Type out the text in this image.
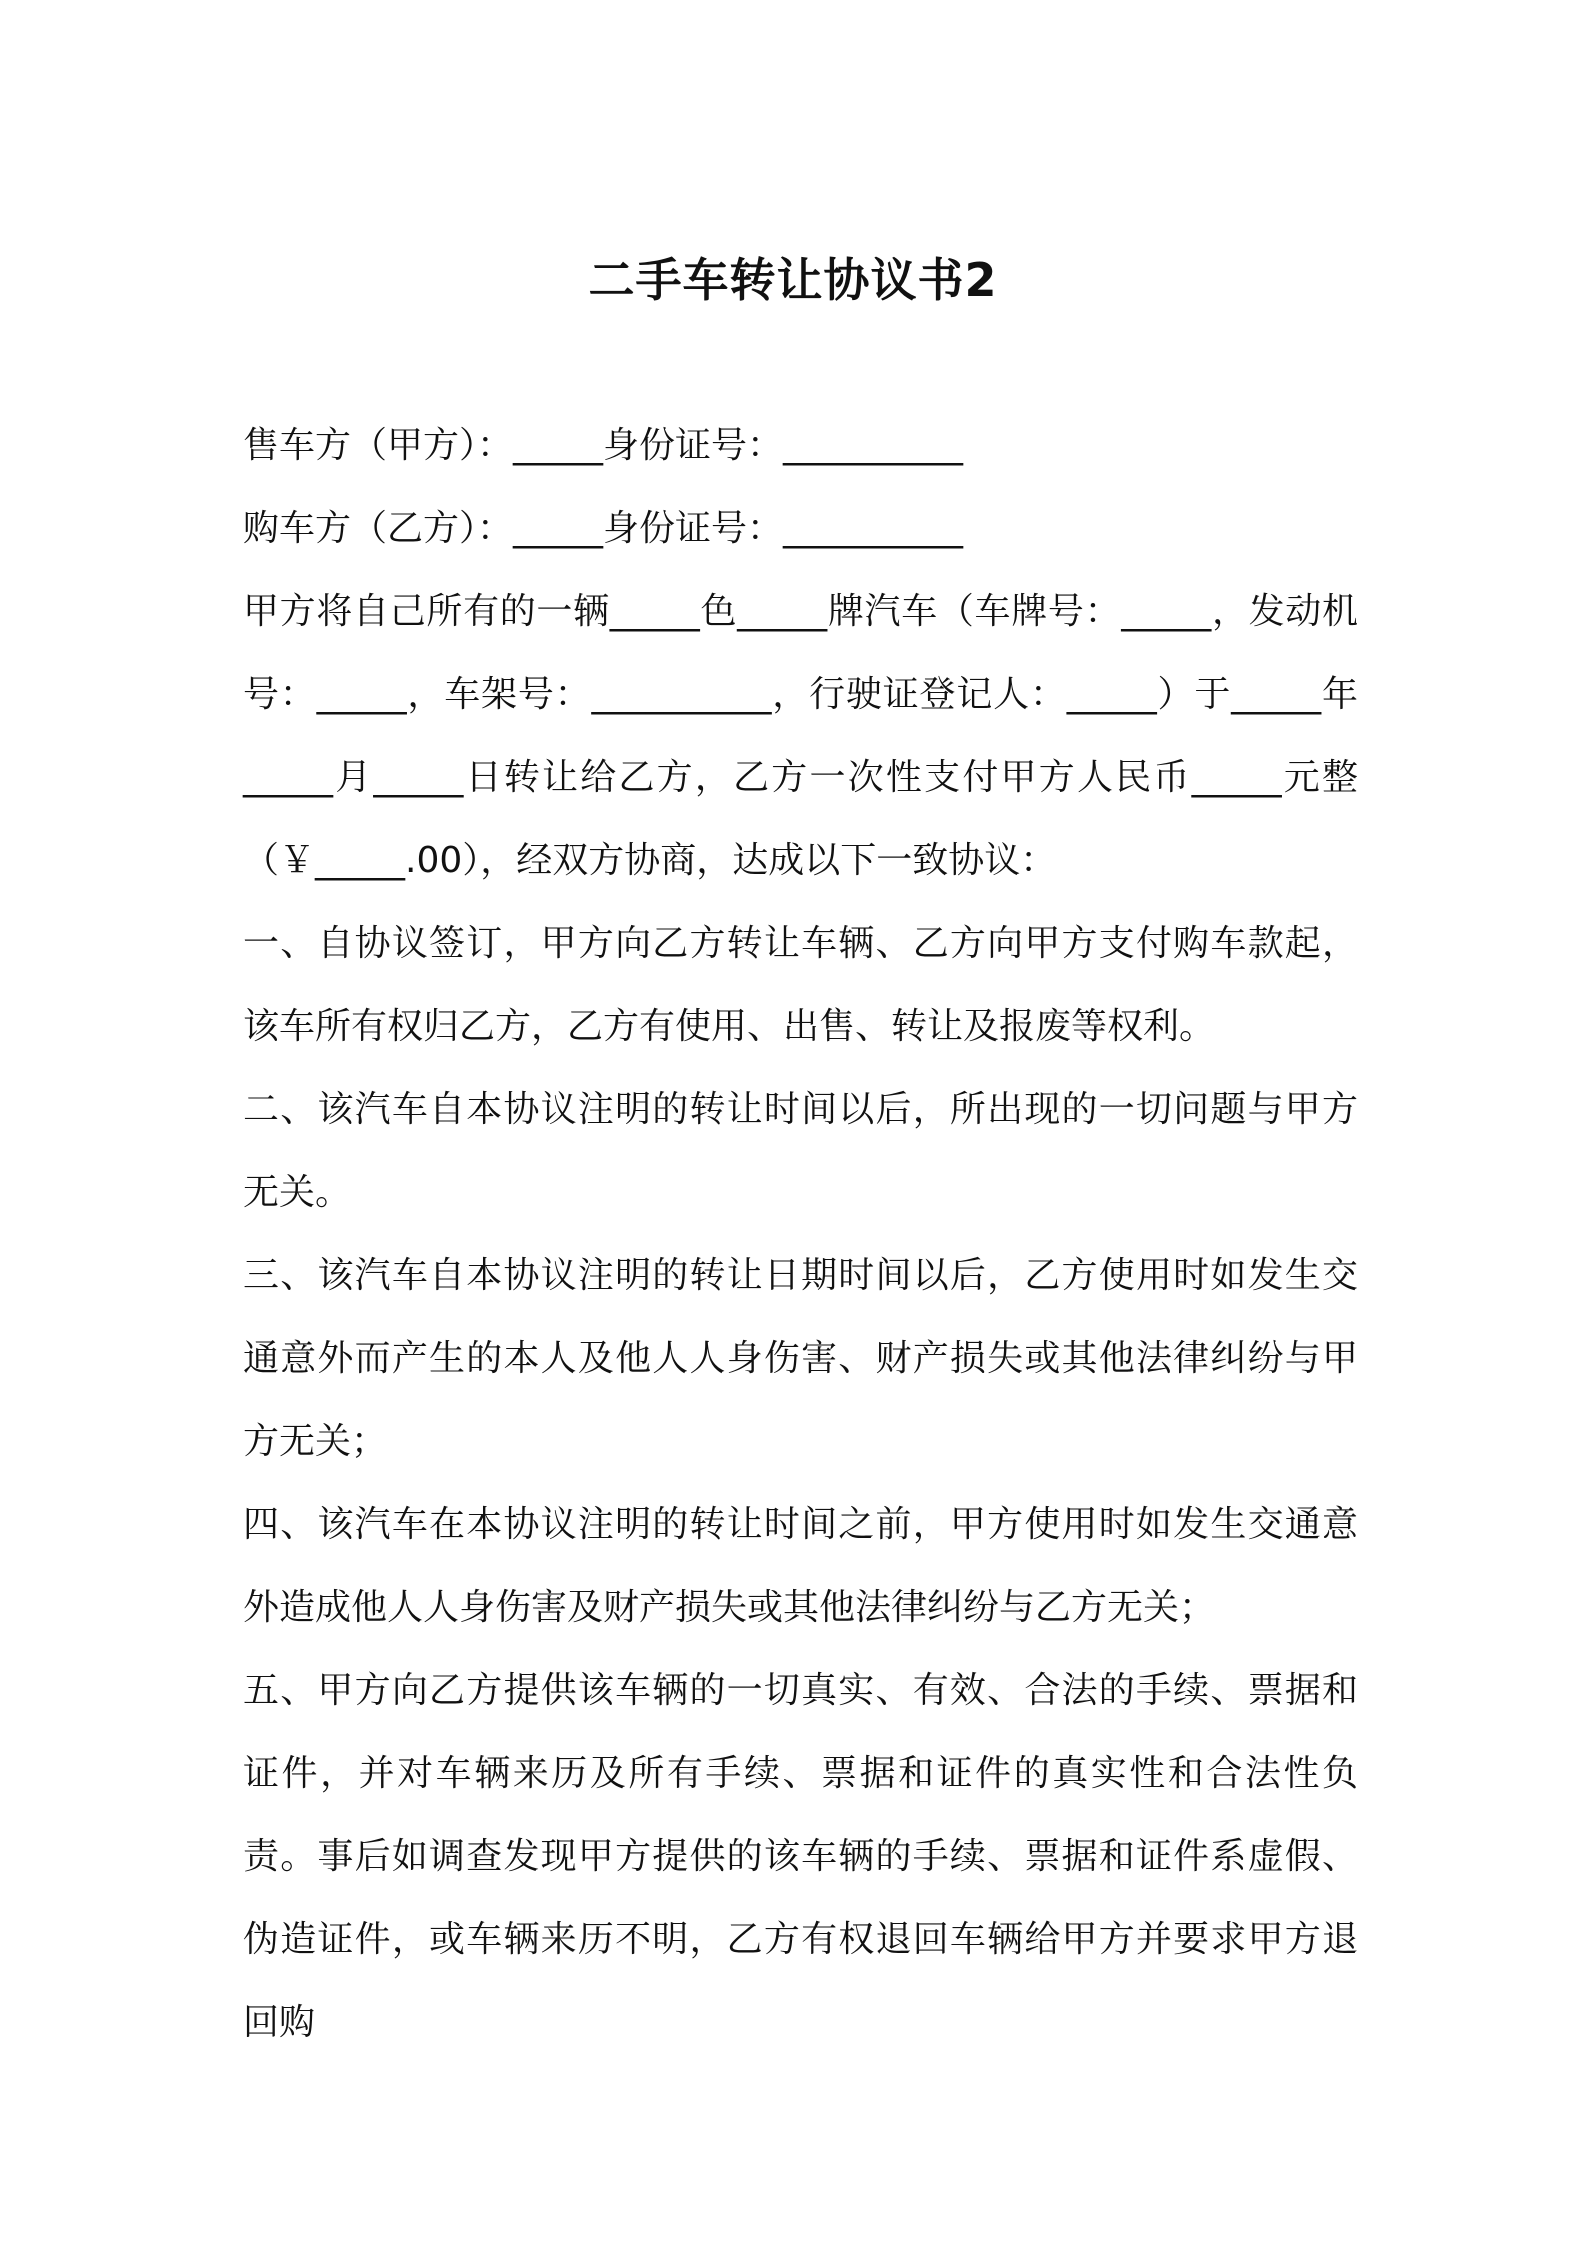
二手车转让协议书2

售车方（甲方）：_____身份证号：__________

购车方（乙方）：_____身份证号：__________

甲方将自己所有的一辆_____色_____牌汽车（车牌号：_____，发动机号：_____，车架号：__________，行驶证登记人：_____）于_____年_____月_____日转让给乙方，乙方一次性支付甲方人民币_____元整（￥_____.00），经双方协商，达成以下一致协议：

一、自协议签订，甲方向乙方转让车辆、乙方向甲方支付购车款起，该车所有权归乙方，乙方有使用、出售、转让及报废等权利。

二、该汽车自本协议注明的转让时间以后，所出现的一切问题与甲方无关。

三、该汽车自本协议注明的转让日期时间以后，乙方使用时如发生交通意外而产生的本人及他人人身伤害、财产损失或其他法律纠纷与甲方无关；

四、该汽车在本协议注明的转让时间之前，甲方使用时如发生交通意外造成他人人身伤害及财产损失或其他法律纠纷与乙方无关；

五、甲方向乙方提供该车辆的一切真实、有效、合法的手续、票据和证件，并对车辆来历及所有手续、票据和证件的真实性和合法性负责。事后如调查发现甲方提供的该车辆的手续、票据和证件系虚假、伪造证件，或车辆来历不明，乙方有权退回车辆给甲方并要求甲方退回购
